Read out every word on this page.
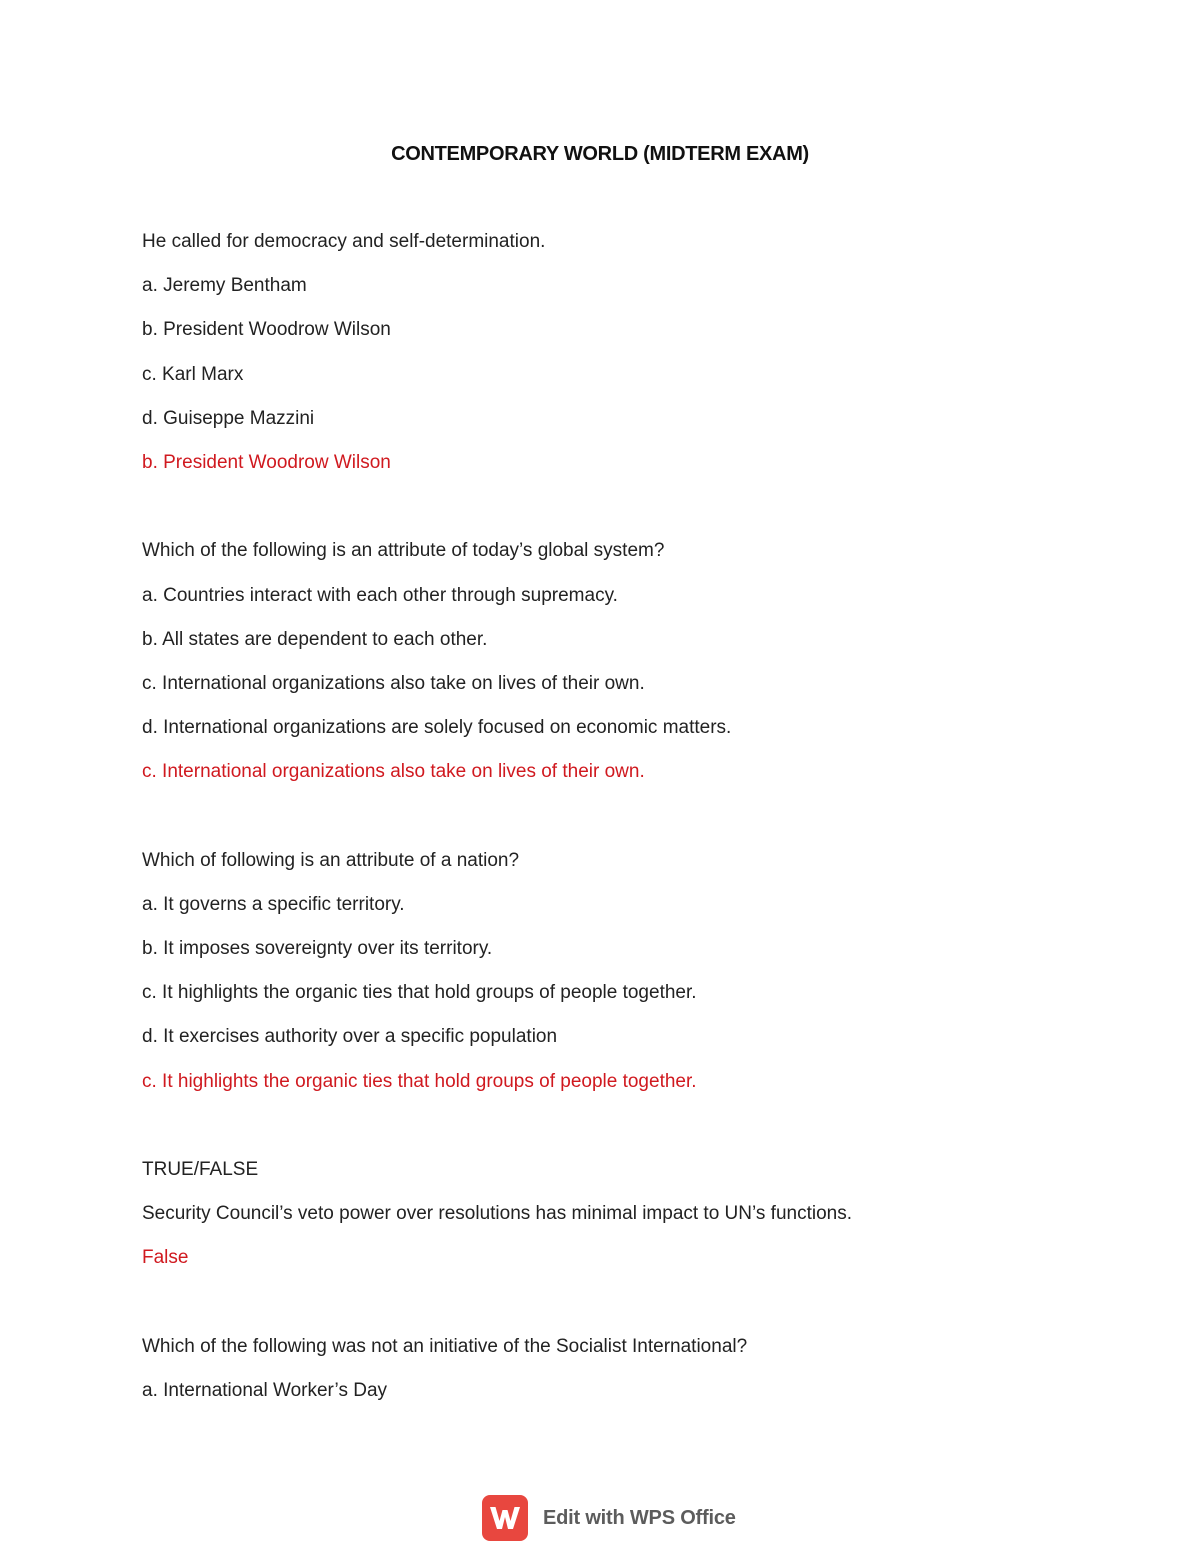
CONTEMPORARY WORLD (MIDTERM EXAM)
He called for democracy and self-determination.
a. Jeremy Bentham
b. President Woodrow Wilson
c. Karl Marx
d. Guiseppe Mazzini
b. President Woodrow Wilson
Which of the following is an attribute of today’s global system?
a. Countries interact with each other through supremacy.
b. All states are dependent to each other.
c. International organizations also take on lives of their own.
d. International organizations are solely focused on economic matters.
c. International organizations also take on lives of their own.
Which of following is an attribute of a nation?
a. It governs a specific territory.
b. It imposes sovereignty over its territory.
c. It highlights the organic ties that hold groups of people together.
d. It exercises authority over a specific population
c. It highlights the organic ties that hold groups of people together.
TRUE/FALSE
Security Council’s veto power over resolutions has minimal impact to UN’s functions.
False
Which of the following was not an initiative of the Socialist International?
a. International Worker’s Day
Edit with WPS Office
